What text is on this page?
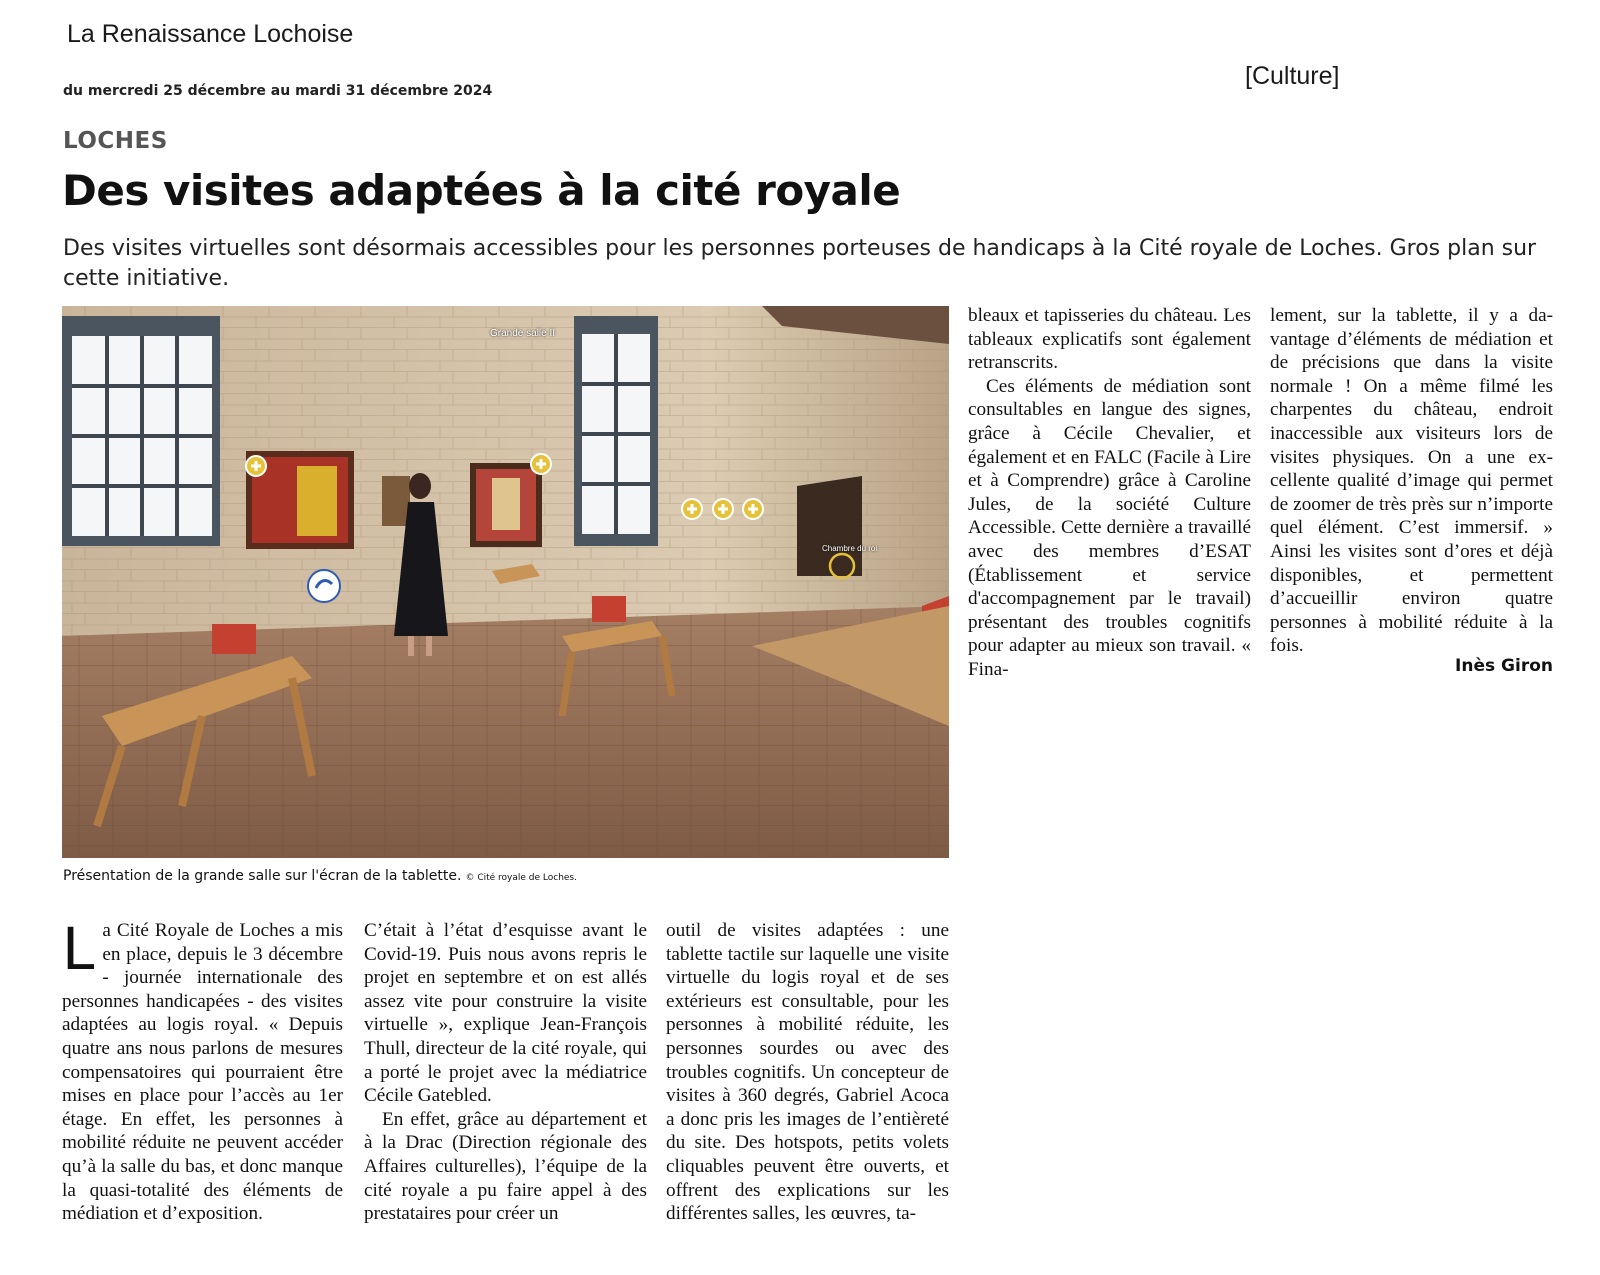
La Renaissance Lochoise
du mercredi 25 décembre au mardi 31 décembre 2024
[Culture]
LOCHES
Des visites adaptées à la cité royale
Des visites virtuelles sont désormais accessibles pour les personnes porteuses de handicaps à la Cité royale de Loches. Gros plan sur cette initiative.
Grande salle II
Chambre du roi
Présentation de la grande salle sur l'écran de la tablette. © Cité royale de Loches.
L a Cité Royale de Loches a mis en place, depuis le 3 décembre - journée internationale des personnes handicapées - des visites adaptées au logis royal. « Depuis quatre ans nous parlons de mesures compensatoires qui pourraient être mises en place pour l’accès au 1er étage. En effet, les personnes à mobilité réduite ne peuvent accéder qu’à la salle du bas, et donc manque la quasi-totalité des éléments de médiation et d’exposition.

C’était à l’état d’esquisse avant le Covid-19. Puis nous avons repris le projet en septembre et on est allés assez vite pour construire la visite virtuelle », explique Jean-François Thull, directeur de la cité royale, qui a porté le projet avec la médiatrice Cécile Gatebled.

En effet, grâce au département et à la Drac (Direction régionale des Affaires culturelles), l’équipe de la cité royale a pu faire appel à des prestataires pour créer un

outil de visites adaptées : une tablette tactile sur laquelle une visite virtuelle du logis royal et de ses extérieurs est consultable, pour les personnes à mobilité réduite, les personnes sourdes ou avec des troubles cognitifs. Un concepteur de visites à 360 degrés, Gabriel Acoca a donc pris les images de l’entièreté du site. Des hotspots, petits volets cliquables peuvent être ouverts, et offrent des explications sur les différentes salles, les œuvres, ta-

bleaux et tapisseries du château. Les tableaux explicatifs sont également retranscrits.

Ces éléments de médiation sont consultables en langue des signes, grâce à Cécile Chevalier, et également et en FALC (Facile à Lire et à Comprendre) grâce à Caroline Jules, de la société Culture Accessible. Cette dernière a travaillé avec des membres d’ESAT (Établissement et service d'accompagnement par le travail) présentant des troubles cognitifs pour adapter au mieux son travail. « Fina-

lement, sur la tablette, il y a davantage d’éléments de médiation et de précisions que dans la visite normale ! On a même filmé les charpentes du château, endroit inaccessible aux visiteurs lors de visites physiques. On a une excellente qualité d’image qui permet de zoomer de très près sur n’importe quel élément. C’est immersif. » Ainsi les visites sont d’ores et déjà disponibles, et permettent d’accueillir environ quatre personnes à mobilité réduite à la fois.

Inès Giron
